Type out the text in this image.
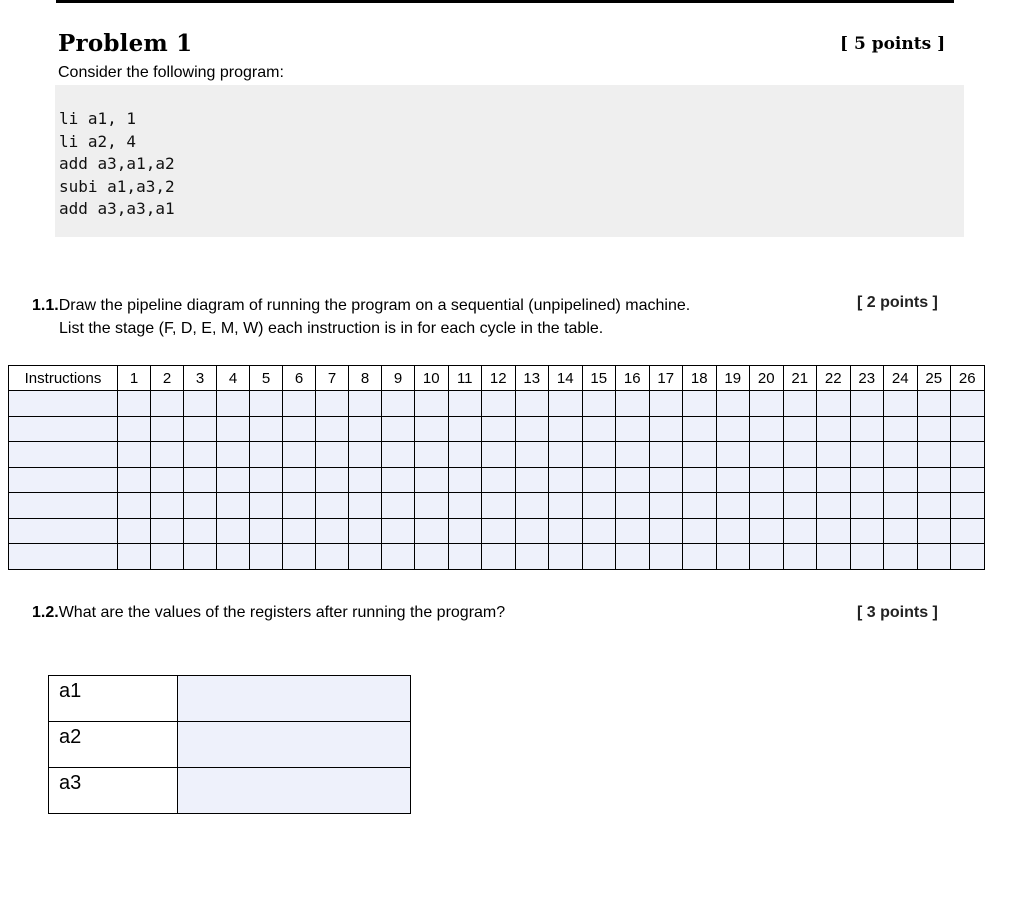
Problem 1	[ 5 points ]
Consider the following program:
li a1, 1
li a2, 4
add a3,a1,a2
subi a1,a3,2
add a3,a3,a1
1.1.Draw the pipeline diagram of running the program on a sequential (unpipelined) machine.
List the stage (F, D, E, M, W) each instruction is in for each cycle in the table.
[ 2 points ]
Instructions	1	2	3	4	5	6	7	8	9	10	11	12	13	14	15	16	17	18	19	20	21	22	23	24	25	26

1.2.What are the values of the registers after running the program?	[ 3 points ]
a1	
a2	
a3	
